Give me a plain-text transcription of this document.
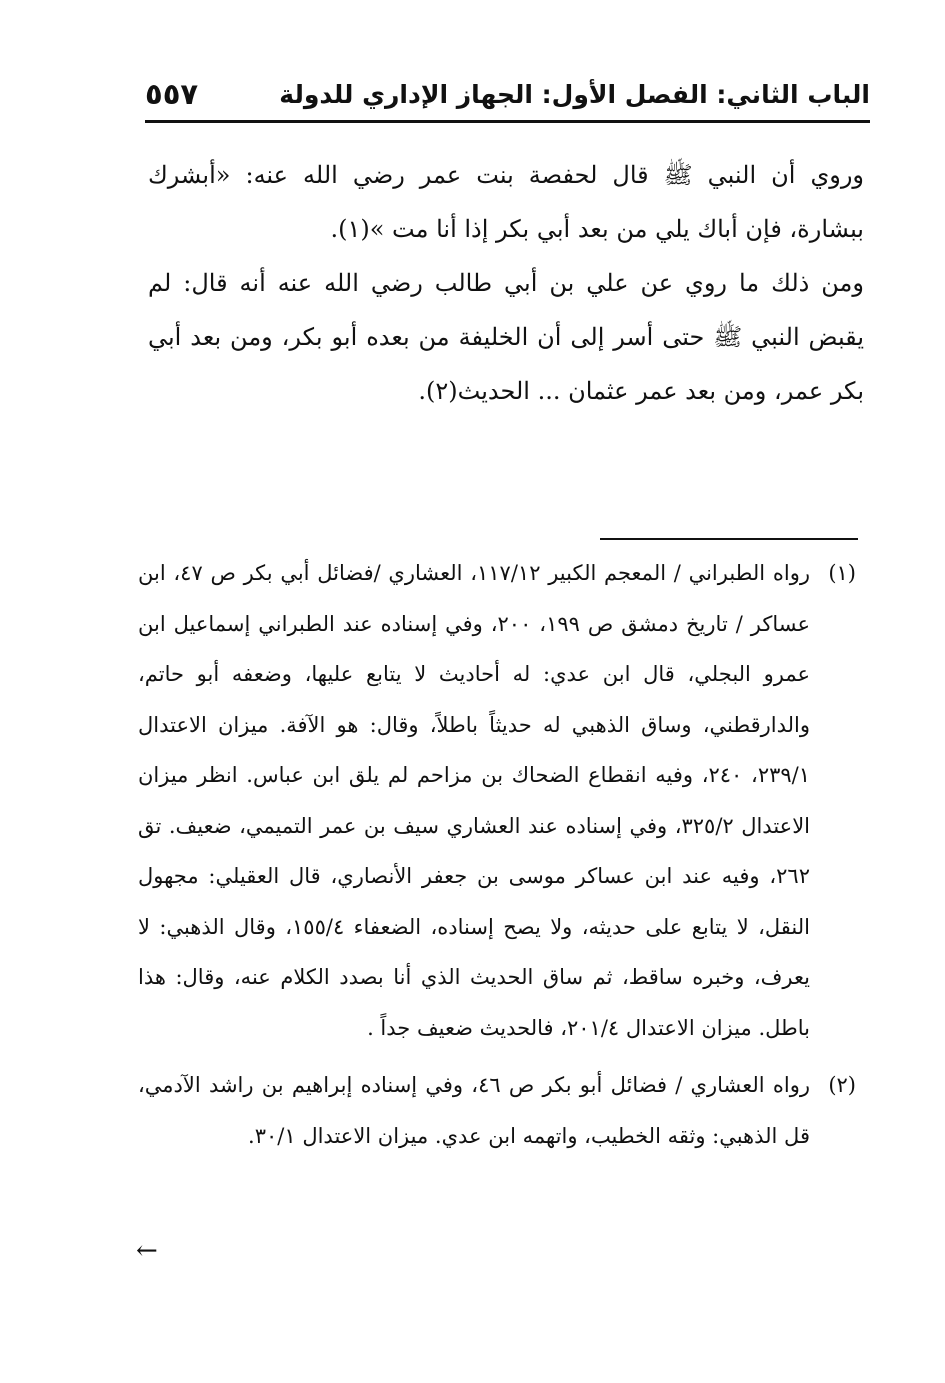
الباب الثاني: الفصل الأول: الجهاز الإداري للدولة
٥٥٧

وروي أن النبي ﷺ قال لحفصة بنت عمر رضي الله عنه: «أبشرك ببشارة، فإن أباك يلي من بعد أبي بكر إذا أنا مت »(١).

ومن ذلك ما روي عن علي بن أبي طالب رضي الله عنه أنه قال: لم يقبض النبي ﷺ حتى أسر إلى أن الخليفة من بعده أبو بكر، ومن بعد أبي بكر عمر، ومن بعد عمر عثمان ... الحديث(٢).

(١)
رواه الطبراني / المعجم الكبير ١١٧/١٢، العشاري /فضائل أبي بكر ص ٤٧، ابن عساكر / تاريخ دمشق ص ١٩٩، ٢٠٠، وفي إسناده عند الطبراني إسماعيل ابن عمرو البجلي، قال ابن عدي: له أحاديث لا يتابع عليها، وضعفه أبو حاتم، والدارقطني، وساق الذهبي له حديثاً باطلاً، وقال: هو الآفة. ميزان الاعتدال ٢٣٩/١، ٢٤٠، وفيه انقطاع الضحاك بن مزاحم لم يلق ابن عباس. انظر ميزان الاعتدال ٣٢٥/٢، وفي إسناده عند العشاري سيف بن عمر التميمي، ضعيف. تق ٢٦٢، وفيه عند ابن عساكر موسى بن جعفر الأنصاري، قال العقيلي: مجهول النقل، لا يتابع على حديثه، ولا يصح إسناده، الضعفاء ١٥٥/٤، وقال الذهبي: لا يعرف، وخبره ساقط، ثم ساق الحديث الذي أنا بصدد الكلام عنه، وقال: هذا باطل. ميزان الاعتدال ٢٠١/٤، فالحديث ضعيف جداً .
(٢)
رواه العشاري / فضائل أبو بكر ص ٤٦، وفي إسناده إبراهيم بن راشد الآدمي، قل الذهبي: وثقه الخطيب، واتهمه ابن عدي. ميزان الاعتدال ٣٠/١.
←
